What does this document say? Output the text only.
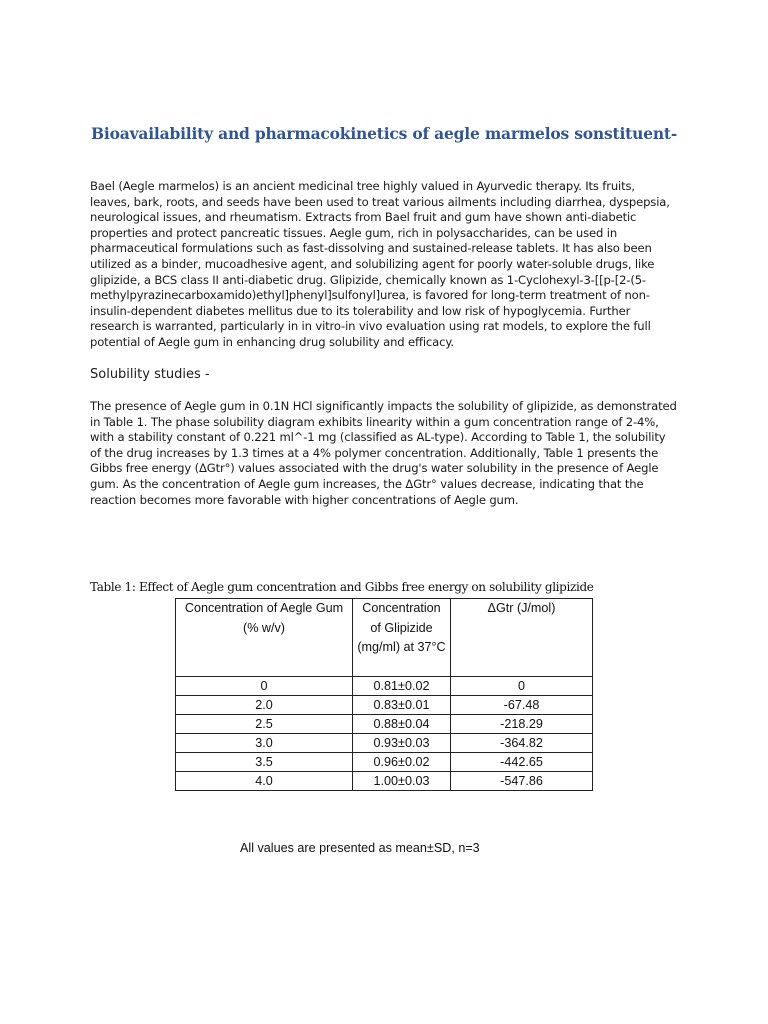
Bioavailability and pharmacokinetics of aegle marmelos sonstituent-
Bael (Aegle marmelos) is an ancient medicinal tree highly valued in Ayurvedic therapy. Its fruits,
leaves, bark, roots, and seeds have been used to treat various ailments including diarrhea, dyspepsia,
neurological issues, and rheumatism. Extracts from Bael fruit and gum have shown anti-diabetic
properties and protect pancreatic tissues. Aegle gum, rich in polysaccharides, can be used in
pharmaceutical formulations such as fast-dissolving and sustained-release tablets. It has also been
utilized as a binder, mucoadhesive agent, and solubilizing agent for poorly water-soluble drugs, like
glipizide, a BCS class II anti-diabetic drug. Glipizide, chemically known as 1-Cyclohexyl-3-[[p-[2-(5-
methylpyrazinecarboxamido)ethyl]phenyl]sulfonyl]urea, is favored for long-term treatment of non-
insulin-dependent diabetes mellitus due to its tolerability and low risk of hypoglycemia. Further
research is warranted, particularly in in vitro-in vivo evaluation using rat models, to explore the full
potential of Aegle gum in enhancing drug solubility and efficacy.
Solubility studies -
The presence of Aegle gum in 0.1N HCl significantly impacts the solubility of glipizide, as demonstrated
in Table 1. The phase solubility diagram exhibits linearity within a gum concentration range of 2-4%,
with a stability constant of 0.221 ml^-1 mg (classified as AL-type). According to Table 1, the solubility
of the drug increases by 1.3 times at a 4% polymer concentration. Additionally, Table 1 presents the
Gibbs free energy (ΔGtr°) values associated with the drug's water solubility in the presence of Aegle
gum. As the concentration of Aegle gum increases, the ΔGtr° values decrease, indicating that the
reaction becomes more favorable with higher concentrations of Aegle gum.
Table 1: Effect of Aegle gum concentration and Gibbs free energy on solubility glipizide
Concentration of Aegle Gum (% w/v)	Concentration of Glipizide (mg/ml) at 37°C	ΔGtr (J/mol)
0	0.81±0.02	0
2.0	0.83±0.01	-67.48
2.5	0.88±0.04	-218.29
3.0	0.93±0.03	-364.82
3.5	0.96±0.02	-442.65
4.0	1.00±0.03	-547.86
All values are presented as mean±SD, n=3
